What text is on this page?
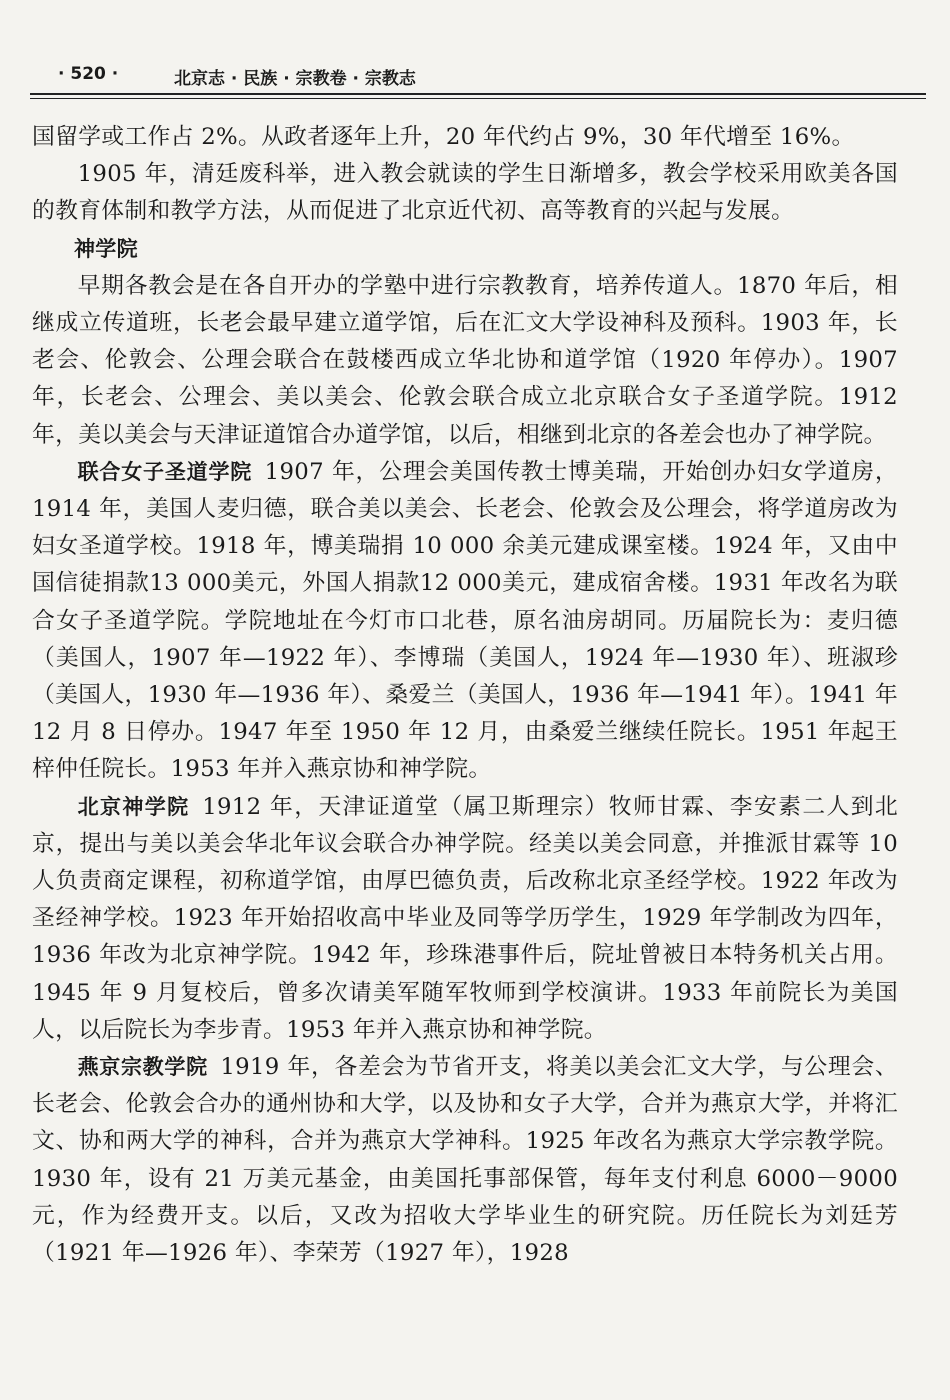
· 520 ·	北京志 · 民族 · 宗教卷 · 宗教志

国留学或工作占 2%。从政者逐年上升，20 年代约占 9%，30 年代增至 16%。

1905 年，清廷废科举，进入教会就读的学生日渐增多，教会学校采用欧美各国的教育体制和教学方法，从而促进了北京近代初、高等教育的兴起与发展。

神学院

早期各教会是在各自开办的学塾中进行宗教教育，培养传道人。1870 年后，相继成立传道班，长老会最早建立道学馆，后在汇文大学设神科及预科。1903 年，长老会、伦敦会、公理会联合在鼓楼西成立华北协和道学馆（1920 年停办）。1907 年，长老会、公理会、美以美会、伦敦会联合成立北京联合女子圣道学院。1912 年，美以美会与天津证道馆合办道学馆，以后，相继到北京的各差会也办了神学院。

联合女子圣道学院 1907 年，公理会美国传教士博美瑞，开始创办妇女学道房，1914 年，美国人麦归德，联合美以美会、长老会、伦敦会及公理会，将学道房改为妇女圣道学校。1918 年，博美瑞捐 10 000 余美元建成课室楼。1924 年，又由中国信徒捐款13 000美元，外国人捐款12 000美元，建成宿舍楼。1931 年改名为联合女子圣道学院。学院地址在今灯市口北巷，原名油房胡同。历届院长为：麦归德（美国人，1907 年—1922 年）、李博瑞（美国人，1924 年—1930 年）、班淑珍（美国人，1930 年—1936 年）、桑爱兰（美国人，1936 年—1941 年）。1941 年 12 月 8 日停办。1947 年至 1950 年 12 月，由桑爱兰继续任院长。1951 年起王梓仲任院长。1953 年并入燕京协和神学院。

北京神学院 1912 年，天津证道堂（属卫斯理宗）牧师甘霖、李安素二人到北京，提出与美以美会华北年议会联合办神学院。经美以美会同意，并推派甘霖等 10 人负责商定课程，初称道学馆，由厚巴德负责，后改称北京圣经学校。1922 年改为圣经神学校。1923 年开始招收高中毕业及同等学历学生，1929 年学制改为四年，1936 年改为北京神学院。1942 年，珍珠港事件后，院址曾被日本特务机关占用。1945 年 9 月复校后，曾多次请美军随军牧师到学校演讲。1933 年前院长为美国人，以后院长为李步青。1953 年并入燕京协和神学院。

燕京宗教学院 1919 年，各差会为节省开支，将美以美会汇文大学，与公理会、长老会、伦敦会合办的通州协和大学，以及协和女子大学，合并为燕京大学，并将汇文、协和两大学的神科，合并为燕京大学神科。1925 年改名为燕京大学宗教学院。1930 年，设有 21 万美元基金，由美国托事部保管，每年支付利息 6000－9000 元，作为经费开支。以后，又改为招收大学毕业生的研究院。历任院长为刘廷芳（1921 年—1926 年）、李荣芳（1927 年），1928
